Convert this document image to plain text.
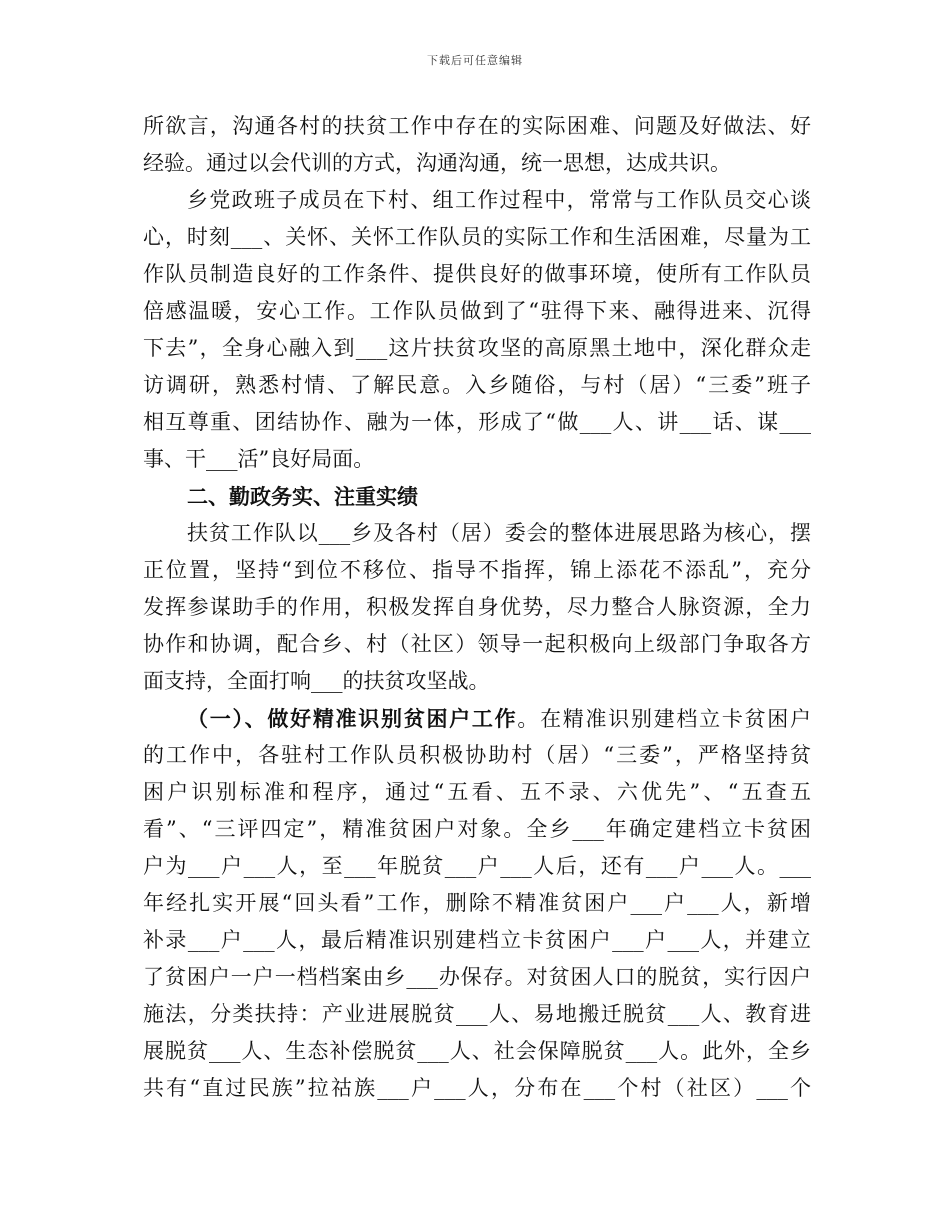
下载后可任意编辑
所欲言，沟通各村的扶贫工作中存在的实际困难、问题及好做法、好
经验。通过以会代训的方式，沟通沟通，统一思想，达成共识。
乡党政班子成员在下村、组工作过程中，常常与工作队员交心谈
心，时刻___、关怀、关怀工作队员的实际工作和生活困难，尽量为工
作队员制造良好的工作条件、提供良好的做事环境，使所有工作队员
倍感温暖，安心工作。工作队员做到了“驻得下来、融得进来、沉得
下去”，全身心融入到___这片扶贫攻坚的高原黑土地中，深化群众走
访调研，熟悉村情、了解民意。入乡随俗，与村（居）“三委”班子
相互尊重、团结协作、融为一体，形成了“做___人、讲___话、谋___
事、干___活”良好局面。
二、勤政务实、注重实绩
扶贫工作队以___乡及各村（居）委会的整体进展思路为核心，摆
正位置，坚持“到位不移位、指导不指挥，锦上添花不添乱”，充分
发挥参谋助手的作用，积极发挥自身优势，尽力整合人脉资源，全力
协作和协调，配合乡、村（社区）领导一起积极向上级部门争取各方
面支持，全面打响___的扶贫攻坚战。
（一）、做好精准识别贫困户工作。在精准识别建档立卡贫困户
的工作中，各驻村工作队员积极协助村（居）“三委”，严格坚持贫
困户识别标准和程序，通过“五看、五不录、六优先”、“五查五
看”、“三评四定”，精准贫困户对象。全乡___年确定建档立卡贫困
户为___户___人，至___年脱贫___户___人后，还有___户___人。___
年经扎实开展“回头看”工作，删除不精准贫困户___户___人，新增
补录___户___人，最后精准识别建档立卡贫困户___户___人，并建立
了贫困户一户一档档案由乡___办保存。对贫困人口的脱贫，实行因户
施法，分类扶持：产业进展脱贫___人、易地搬迁脱贫___人、教育进
展脱贫___人、生态补偿脱贫___人、社会保障脱贫___人。此外，全乡
共有“直过民族”拉祜族___户___人，分布在___个村（社区）___个
